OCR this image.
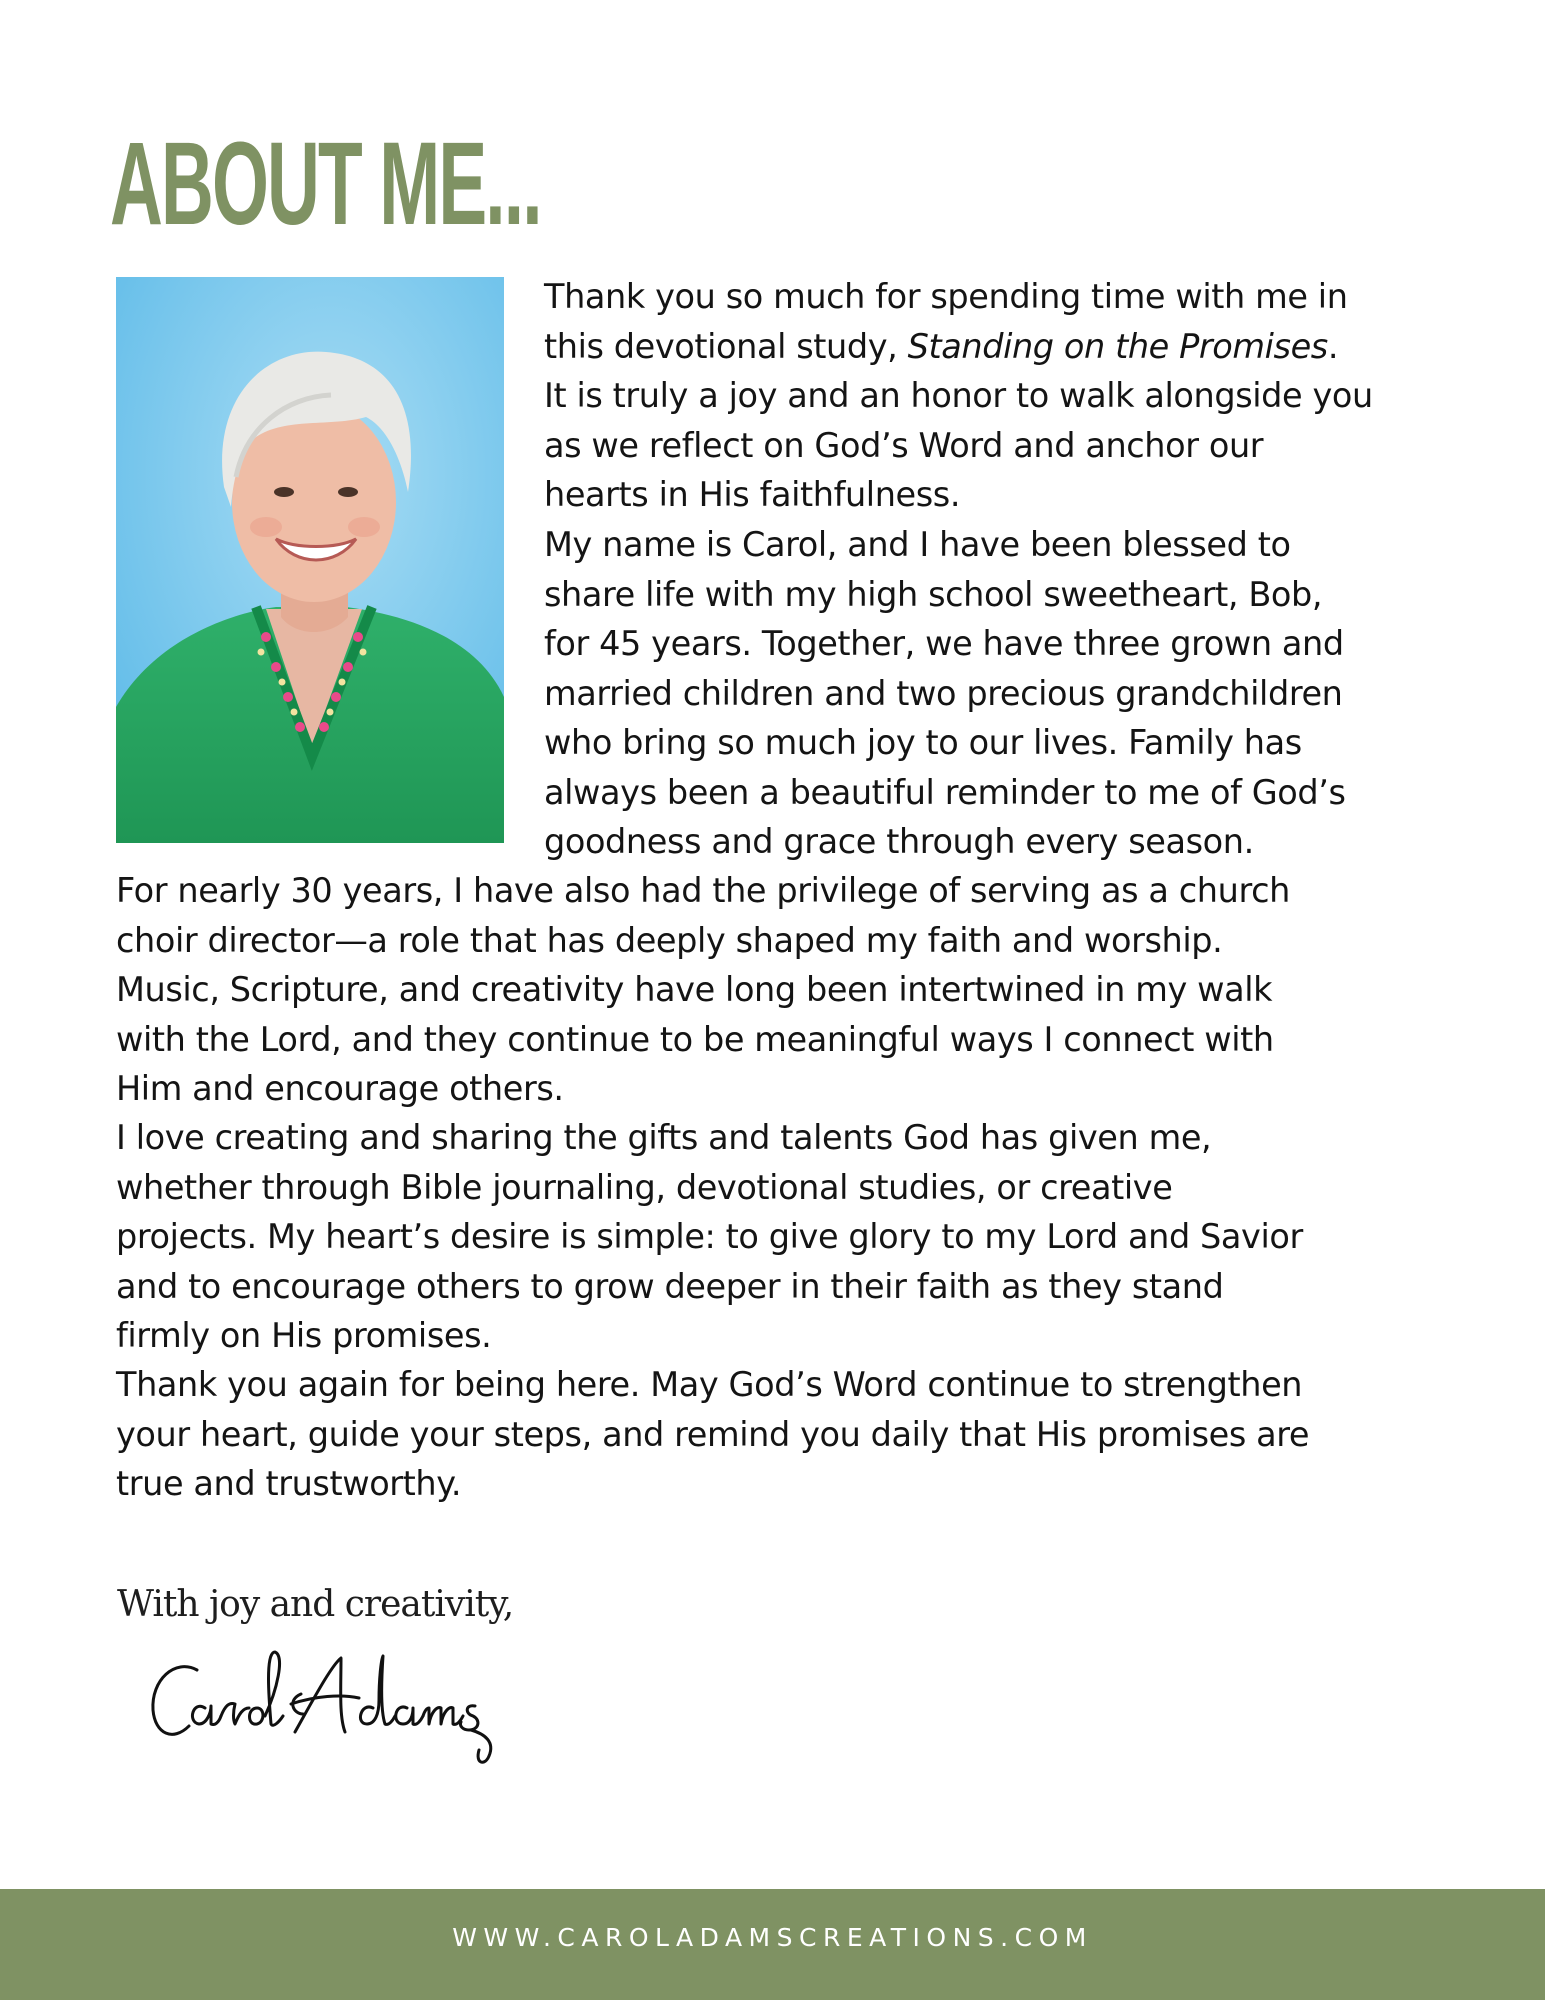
ABOUT ME...

Thank you so much for spending time with me in
this devotional study, Standing on the Promises.
It is truly a joy and an honor to walk alongside you
as we reflect on God’s Word and anchor our
hearts in His faithfulness.

My name is Carol, and I have been blessed to
share life with my high school sweetheart, Bob,
for 45 years. Together, we have three grown and
married children and two precious grandchildren
who bring so much joy to our lives. Family has
always been a beautiful reminder to me of God’s
goodness and grace through every season.

For nearly 30 years, I have also had the privilege of serving as a church
choir director—a role that has deeply shaped my faith and worship.
Music, Scripture, and creativity have long been intertwined in my walk
with the Lord, and they continue to be meaningful ways I connect with
Him and encourage others.

I love creating and sharing the gifts and talents God has given me,
whether through Bible journaling, devotional studies, or creative
projects. My heart’s desire is simple: to give glory to my Lord and Savior
and to encourage others to grow deeper in their faith as they stand
firmly on His promises.

Thank you again for being here. May God’s Word continue to strengthen
your heart, guide your steps, and remind you daily that His promises are
true and trustworthy.

With joy and creativity,

WWW.CAROLADAMSCREATIONS.COM
